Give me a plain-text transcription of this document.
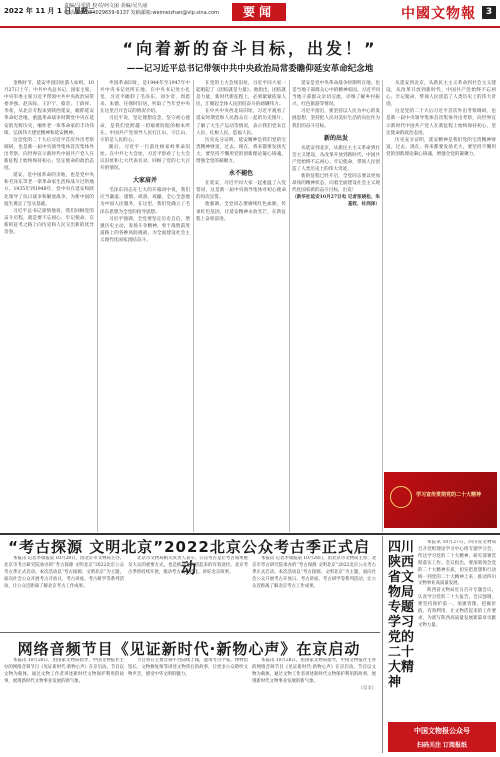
2022 年 11 月 1 日 星期二
责编/马雯倩 校对/何文丽 美编/吴久丽
电话:(010)84029659-6137 发稿邮箱:weimeizhan@vip.sina.com	要闻	中國文物報	3
“向着新的奋斗目标，出发！”
——记习近平总书记带领中共中央政治局常委瞻仰延安革命纪念地

金秋时节，延安枣园旧址游人如织。10月27日上午，中共中央总书记、国家主席、中央军委主席习近平带领中共中央政治局常委李强、赵乐际、王沪宁、蔡奇、丁薛祥、李希，从北京专程来到陕西延安，瞻仰延安革命纪念地，重温革命战争时期党中央在延安的光辉历史，缅怀老一辈革命家的丰功伟绩，弘扬伟大建党精神和延安精神。

这是党的二十大后习近平首次外出考察调研，也是新一届中央领导集体首次集体外出考察，向世界宣示新时代中国共产党人在新征程上始终保持初心、坚定使命的政治态度。

延安，是中国革命的圣地，也是党中央和毛泽东等老一辈革命家生活和战斗过的地方。1935年到1948年，党中央在延安和陕北领导了抗日战争和解放战争，为新中国的诞生奠定了坚实基础。

习近平总书记深情地说，我们回顾党的奋斗历程，就是要不忘初心、牢记使命，在新的赶考之路上向历史和人民交出新的优异答卷。

枣园革命旧址，是1944年至1947年中共中央书记处所在地。在中央书记处小礼堂，习近平瞻仰了毛泽东、刘少奇、周恩来、朱德、任弼时旧居，听取了当年党中央在这里召开会议的情况介绍。

习近平说，坚定理想信念，坚守初心使命，是我们党跨越一切艰难险阻的根本所在。中国共产党领导人民打江山、守江山，守的是人民的心。

随后，习近平一行前往杨家岭革命旧址。在中共七大会址，习近平察看了七大会议旧址和七大代表名录，回顾了党的七大召开的情况。

大家肩并

毛泽东同志在七大的开幕词中说，我们应当谦虚、谨慎、戒骄、戒躁，全心全意地为中国人民服务，在这里，我们党确立了毛泽东思想为全党的指导思想。

习近平强调，全党要坚定历史自信，增强历史主动，发扬斗争精神，勇于战胜前进道路上的各种风险挑战，为全面建设社会主义现代化国家团结奋斗。

在党的七大会场旧址，习近平同大家一起唱起了《团结就是力量》。他指出，团结就是力量，新时代新征程上，必须紧紧依靠人民，汇聚起全体人民团结奋斗的磅礴伟力。

在中共中央西北局旧址，习近平观看了延安时期党和人民群众在一起的历史图片，了解了大生产运动等情况，表示我们党来自人民、扎根人民、造福人民。

历史充分证明，延安精神是我们党的宝贵精神财富，过去、现在、将来都要发扬光大，要坚持不懈用党的创新理论凝心铸魂，增强全党的凝聚力。

永不褪色

在延安，习近平同大家一起重温了入党誓词，这是新一届中央领导集体对初心使命的再次宣誓。

他强调，全党同志要赓续红色血脉，传承红色基因，让延安精神永放光芒，在新征程上奋勇前进。

延安是党中央革命战争时期所在地，也是当地干部群众心中的精神家园。习近平同当地干部群众亲切交流，详细了解乡村振兴、红色旅游等情况。

习近平指出，要坚持以人民为中心的发展思想，坚持把人民对美好生活的向往作为我们的奋斗目标。

新的出发

从延安到北京，从新民主主义革命到社会主义建设，从改革开放到新时代，中国共产党始终不忘初心、牢记使命，带领人民创造了人类历史上的伟大奇迹。

新的征程已经开启，全党同志要以更加昂扬的精神状态，向着全面建设社会主义现代化国家新的奋斗目标，出发！

（新华社延安10月27日电 记者张晓松、朱基钗、杜尚泽）

从延安到北京，从新民主主义革命到社会主义建设，从改革开放到新时代，中国共产党始终不忘初心、牢记使命，带领人民创造了人类历史上的伟大奇迹。

这是党的二十大后习近平首次外出考察调研，也是新一届中央领导集体首次集体外出考察，向世界宣示新时代中国共产党人在新征程上始终保持初心、坚定使命的政治态度。

历史充分证明，延安精神是我们党的宝贵精神财富，过去、现在、将来都要发扬光大，要坚持不懈用党的创新理论凝心铸魂，增强全党的凝聚力。

学习宣传贯彻党的二十大精神
“考古探源 文明北京”2022北京公众考古季正式启动

本报讯 记者李瑞报道 10月28日，由北京市文物局主办、北京市考古研究院承办的“考古探源 文明北京”2022北京公众考古季正式启动。本次活动以“考古探源、文明北京”为主题，面向社会公众开展考古开放日、考古讲座、考古研学等系列活动，让公众近距离了解北京考古工作成果。

北京市文物局相关负责人表示，公众考古是让考古成果惠及大众的重要方式，也是推动文物活起来的有效途径。北京考古季将持续开展，推动考古成果转化，讲好北京故事。

本报讯 记者李瑞报道 10月28日，由北京市文物局主办、北京市考古研究院承办的“考古探源 文明北京”2022北京公众考古季正式启动。本次活动以“考古探源、文明北京”为主题，面向社会公众开展考古开放日、考古讲座、考古研学等系列活动，让公众近距离了解北京考古工作成果。

网络音频节目《见证新时代·新物心声》在京启动

本报讯 10月28日，由国家文物局指导，中国文物报社主办的网络音频节目《见证新时代·新物心声》在京启动。节目以文物为载体，通过文物工作者讲述新时代文物保护利用的故事，展现新时代文物事业发展的新气象。

节目将在主要音频平台陆续上线，邀请考古学家、博物馆馆长、文物修复师等讲述文物背后的故事，让更多公众聆听文物声音，感受中华文明的魅力。

本报讯 10月28日，由国家文物局指导，中国文物报社主办的网络音频节目《见证新时代·新物心声》在京启动。节目以文物为载体，通过文物工作者讲述新时代文物保护利用的故事，展现新时代文物事业发展的新气象。

（宗文）

四川陕西省文物局专题学习党的二十大精神

本报讯 10月27日，四川省文物局召开党组理论学习中心组专题学习会，传达学习党的二十大精神，研究部署贯彻落实工作。会议指出，要深刻领会党的二十大精神实质，切实把思想和行动统一到党的二十大精神上来，推动四川文物事业高质量发展。

陕西省文物局近日召开专题会议，认真学习党的二十大报告。会议强调，要坚持保护第一、加强管理、挖掘价值、有效利用、让文物活起来的工作要求，为谱写陕西高质量发展新篇章贡献文物力量。

中国文物报公众号
扫码关注 订阅报纸
